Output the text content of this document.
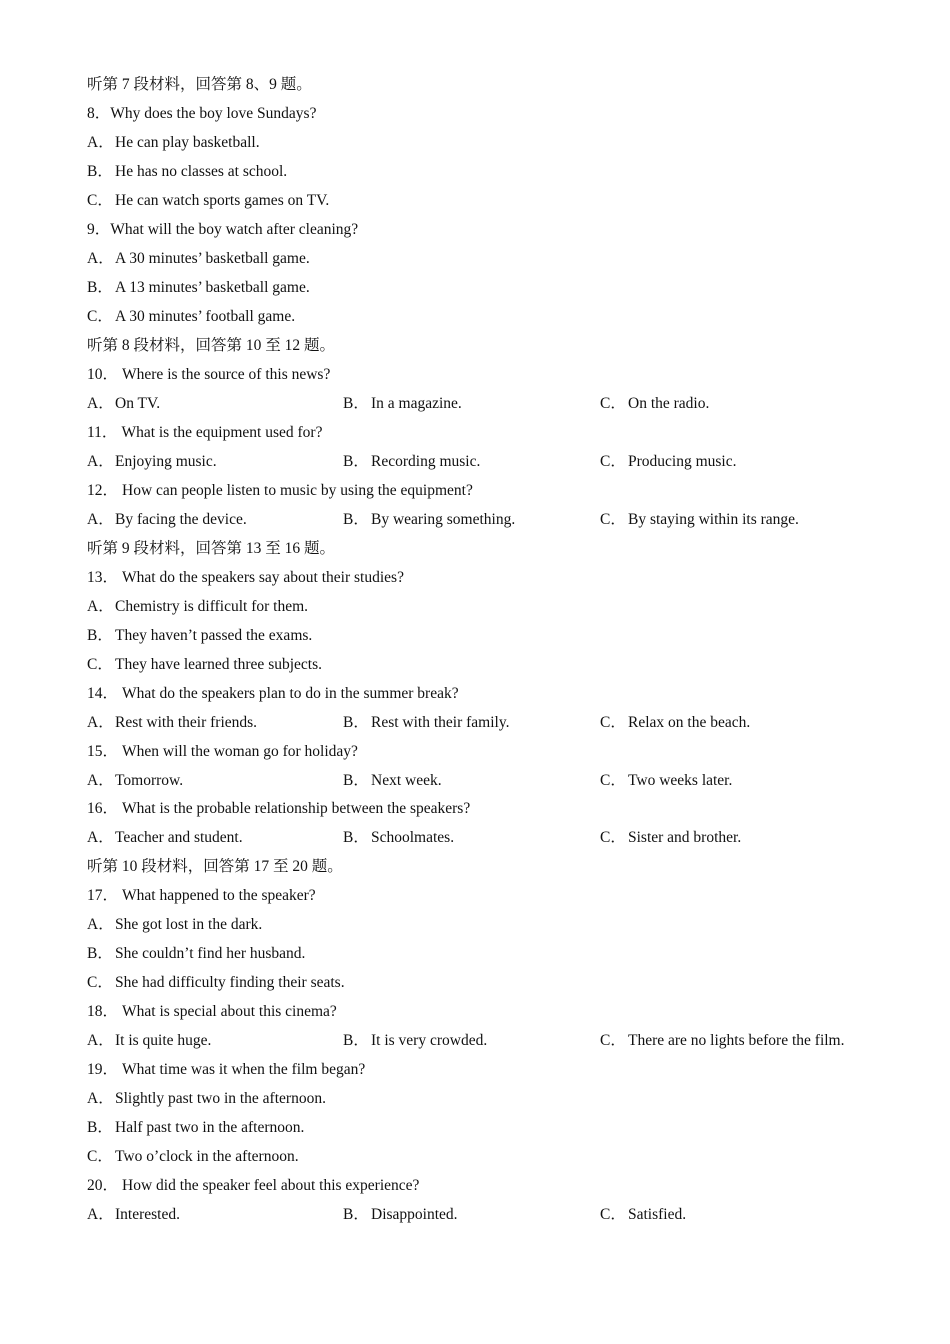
听第 7 段材料，回答第 8、9 题。
8．Why does the boy love Sundays?
A．He can play basketball.
B． He has no classes at school.
C． He can watch sports games on TV.
9．What will the boy watch after cleaning?
A．A 30 minutes’ basketball game.
B． A 13 minutes’ basketball game.
C． A 30 minutes’ football game.
听第 8 段材料，回答第 10 至 12 题。
10． Where is the source of this news?
A．On TV.	B． In a magazine.	C． On the radio.
11． What is the equipment used for?
A．Enjoying music.	B． Recording music.	C． Producing music.
12． How can people listen to music by using the equipment?
A．By facing the device.	B． By wearing something.	C． By staying within its range.
听第 9 段材料，回答第 13 至 16 题。
13． What do the speakers say about their studies?
A．Chemistry is difficult for them.
B． They haven’t passed the exams.
C． They have learned three subjects.
14． What do the speakers plan to do in the summer break?
A．Rest with their friends.	B． Rest with their family.	C． Relax on the beach.
15． When will the woman go for holiday?
A．Tomorrow.	B． Next week.	C． Two weeks later.
16． What is the probable relationship between the speakers?
A．Teacher and student.	B． Schoolmates.	C． Sister and brother.
听第 10 段材料，回答第 17 至 20 题。
17． What happened to the speaker?
A．She got lost in the dark.
B． She couldn’t find her husband.
C． She had difficulty finding their seats.
18． What is special about this cinema?
A．It is quite huge.	B． It is very crowded.	C． There are no lights before the film.
19． What time was it when the film began?
A．Slightly past two in the afternoon.
B． Half past two in the afternoon.
C． Two o’clock in the afternoon.
20． How did the speaker feel about this experience?
A．Interested.	B． Disappointed.	C． Satisfied.
